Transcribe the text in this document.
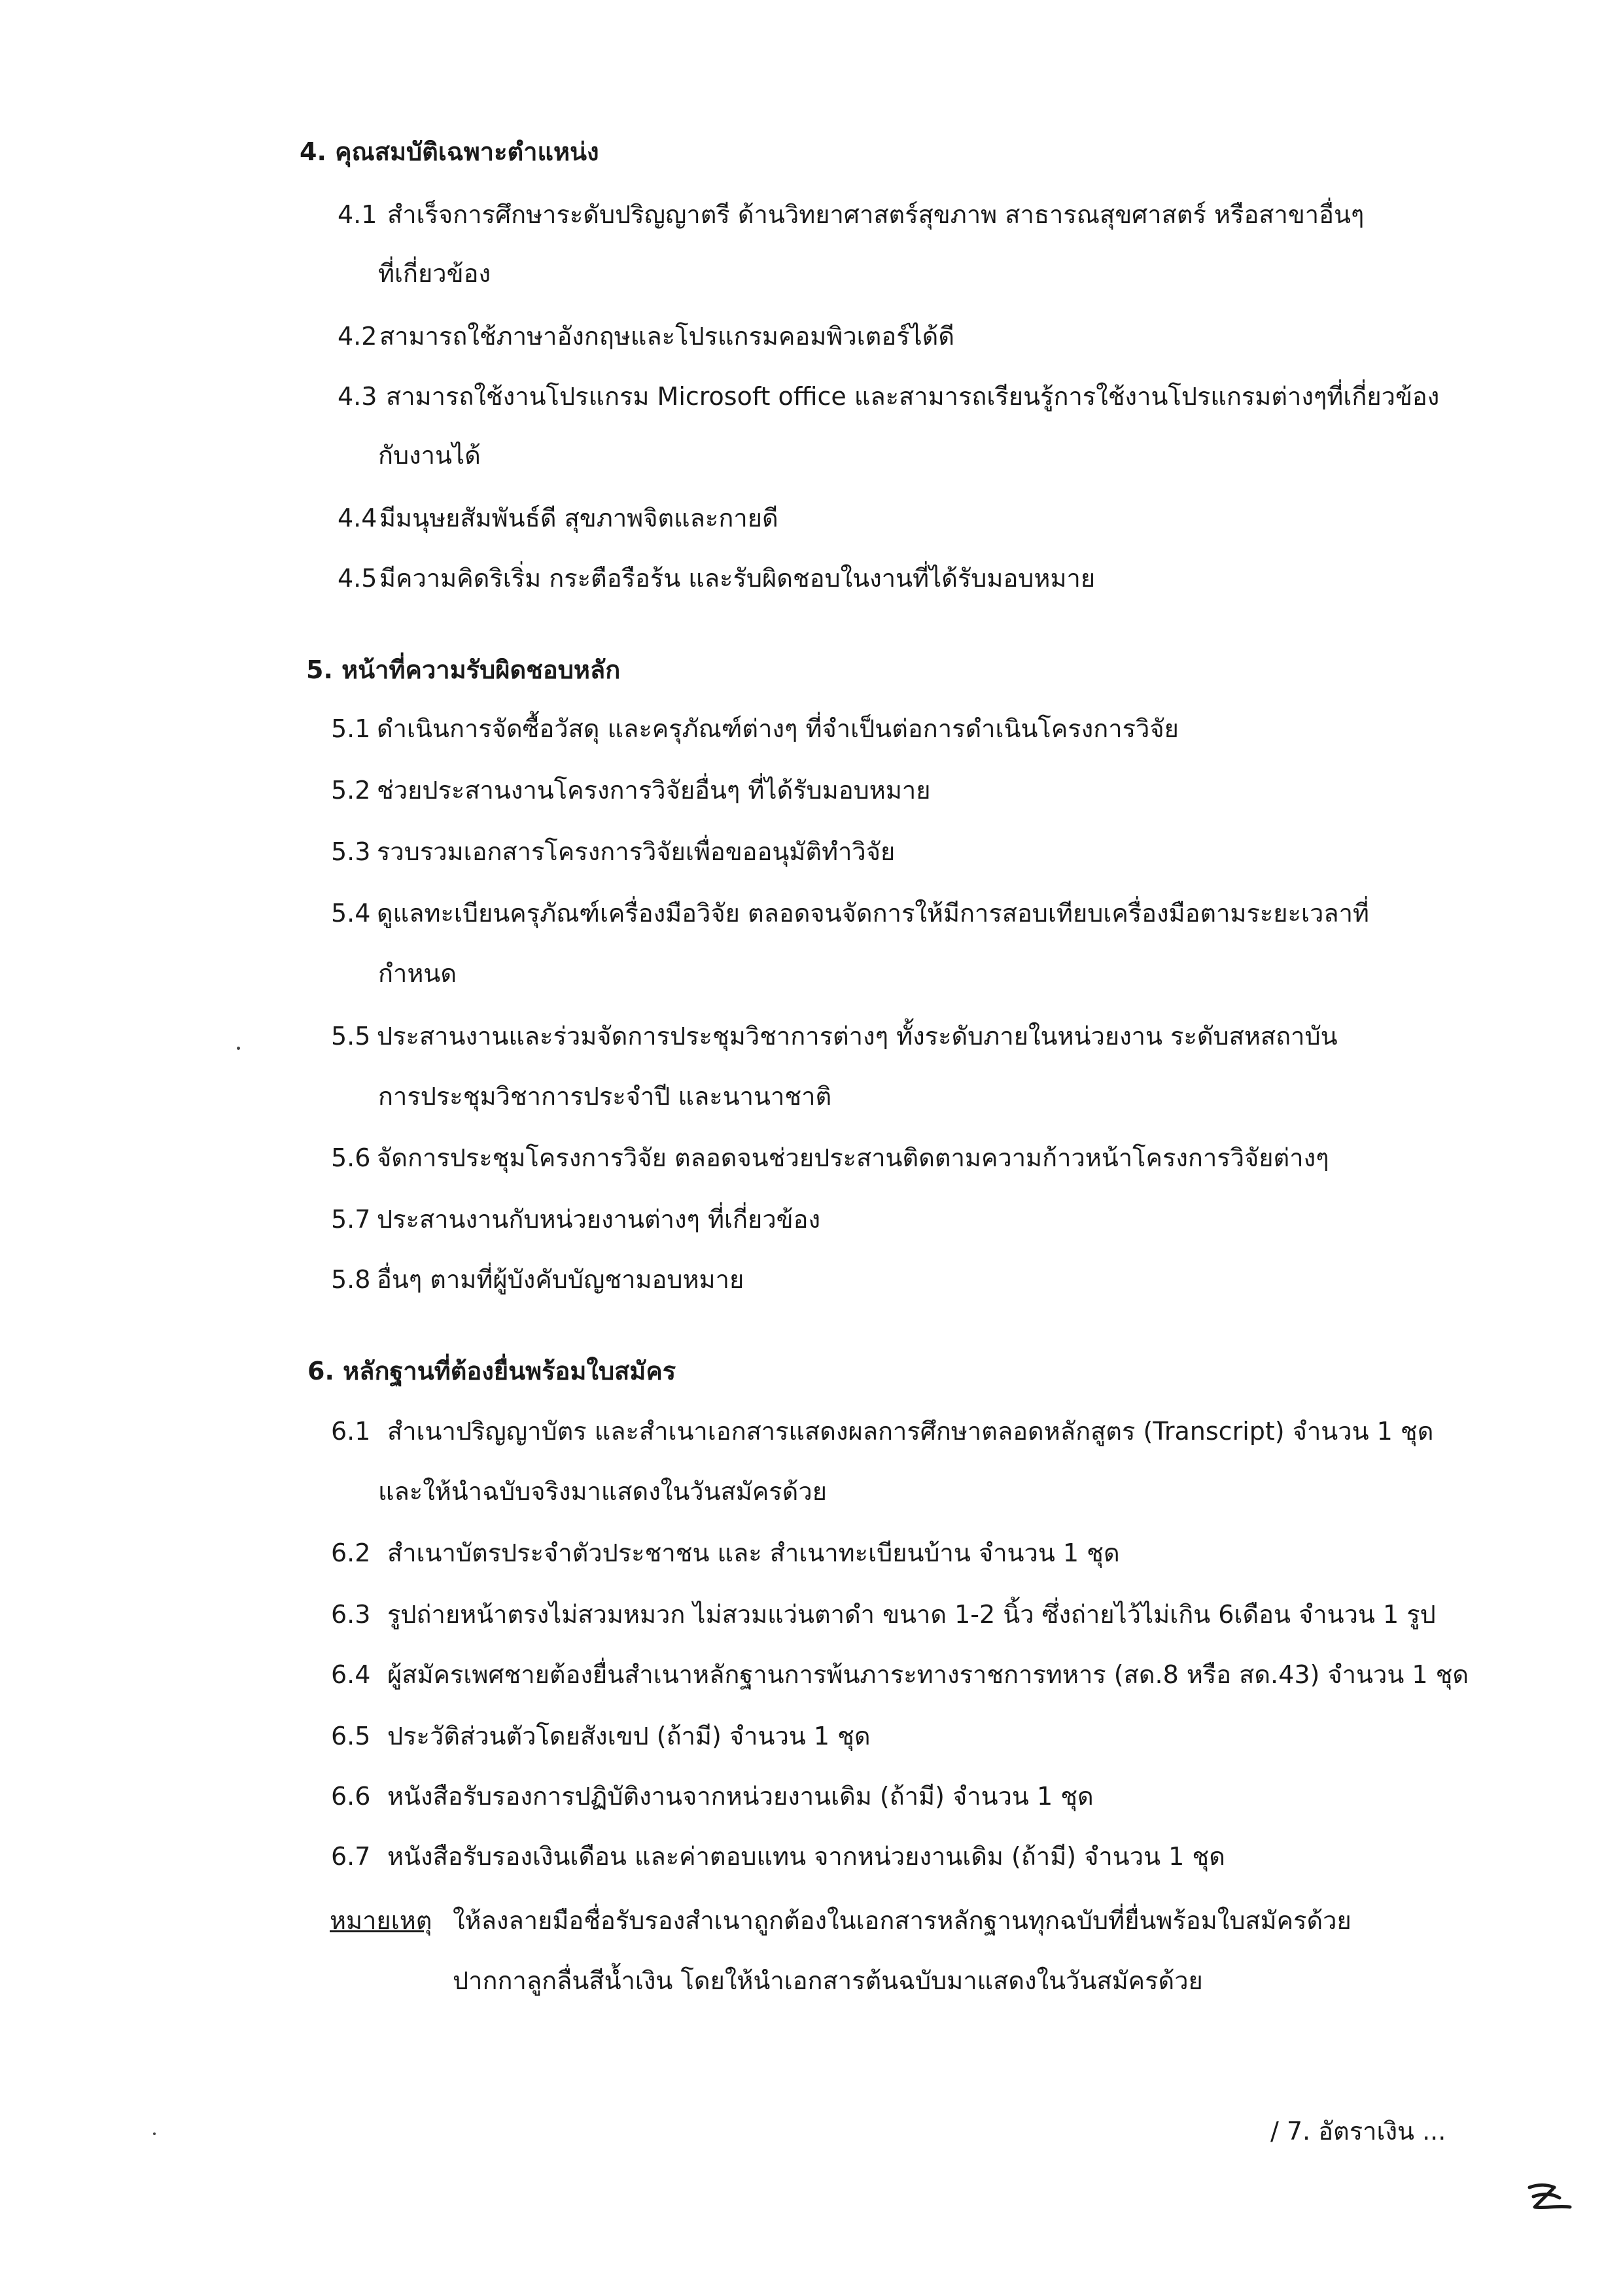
4. คุณสมบัติเฉพาะตำแหน่ง
4.1 สำเร็จการศึกษาระดับปริญญาตรี ด้านวิทยาศาสตร์สุขภาพ สาธารณสุขศาสตร์ หรือสาขาอื่นๆ
ที่เกี่ยวข้อง
4.2 สามารถใช้ภาษาอังกฤษและโปรแกรมคอมพิวเตอร์ได้ดี
4.3 สามารถใช้งานโปรแกรม Microsoft office และสามารถเรียนรู้การใช้งานโปรแกรมต่างๆที่เกี่ยวข้อง
กับงานได้
4.4 มีมนุษยสัมพันธ์ดี สุขภาพจิตและกายดี
4.5 มีความคิดริเริ่ม กระตือรือร้น และรับผิดชอบในงานที่ได้รับมอบหมาย
5. หน้าที่ความรับผิดชอบหลัก
5.1 ดำเนินการจัดซื้อวัสดุ และครุภัณฑ์ต่างๆ ที่จำเป็นต่อการดำเนินโครงการวิจัย
5.2 ช่วยประสานงานโครงการวิจัยอื่นๆ ที่ได้รับมอบหมาย
5.3 รวบรวมเอกสารโครงการวิจัยเพื่อขออนุมัติทำวิจัย
5.4 ดูแลทะเบียนครุภัณฑ์เครื่องมือวิจัย ตลอดจนจัดการให้มีการสอบเทียบเครื่องมือตามระยะเวลาที่
กำหนด
5.5 ประสานงานและร่วมจัดการประชุมวิชาการต่างๆ ทั้งระดับภายในหน่วยงาน ระดับสหสถาบัน
การประชุมวิชาการประจำปี และนานาชาติ
5.6 จัดการประชุมโครงการวิจัย ตลอดจนช่วยประสานติดตามความก้าวหน้าโครงการวิจัยต่างๆ
5.7 ประสานงานกับหน่วยงานต่างๆ ที่เกี่ยวข้อง
5.8 อื่นๆ ตามที่ผู้บังคับบัญชามอบหมาย
6. หลักฐานที่ต้องยื่นพร้อมใบสมัคร
6.1 สำเนาปริญญาบัตร และสำเนาเอกสารแสดงผลการศึกษาตลอดหลักสูตร (Transcript) จำนวน 1 ชุด
และให้นำฉบับจริงมาแสดงในวันสมัครด้วย
6.2 สำเนาบัตรประจำตัวประชาชน และ สำเนาทะเบียนบ้าน จำนวน 1 ชุด
6.3 รูปถ่ายหน้าตรงไม่สวมหมวก ไม่สวมแว่นตาดำ ขนาด 1-2 นิ้ว ซึ่งถ่ายไว้ไม่เกิน 6เดือน จำนวน 1 รูป
6.4 ผู้สมัครเพศชายต้องยื่นสำเนาหลักฐานการพ้นภาระทางราชการทหาร (สด.8 หรือ สด.43) จำนวน 1 ชุด
6.5 ประวัติส่วนตัวโดยสังเขป (ถ้ามี) จำนวน 1 ชุด
6.6 หนังสือรับรองการปฏิบัติงานจากหน่วยงานเดิม (ถ้ามี) จำนวน 1 ชุด
6.7 หนังสือรับรองเงินเดือน และค่าตอบแทน จากหน่วยงานเดิม (ถ้ามี) จำนวน 1 ชุด
หมายเหตุ ให้ลงลายมือชื่อรับรองสำเนาถูกต้องในเอกสารหลักฐานทุกฉบับที่ยื่นพร้อมใบสมัครด้วย
ปากกาลูกลื่นสีน้ำเงิน โดยให้นำเอกสารต้นฉบับมาแสดงในวันสมัครด้วย
/ 7. อัตราเงิน ...
